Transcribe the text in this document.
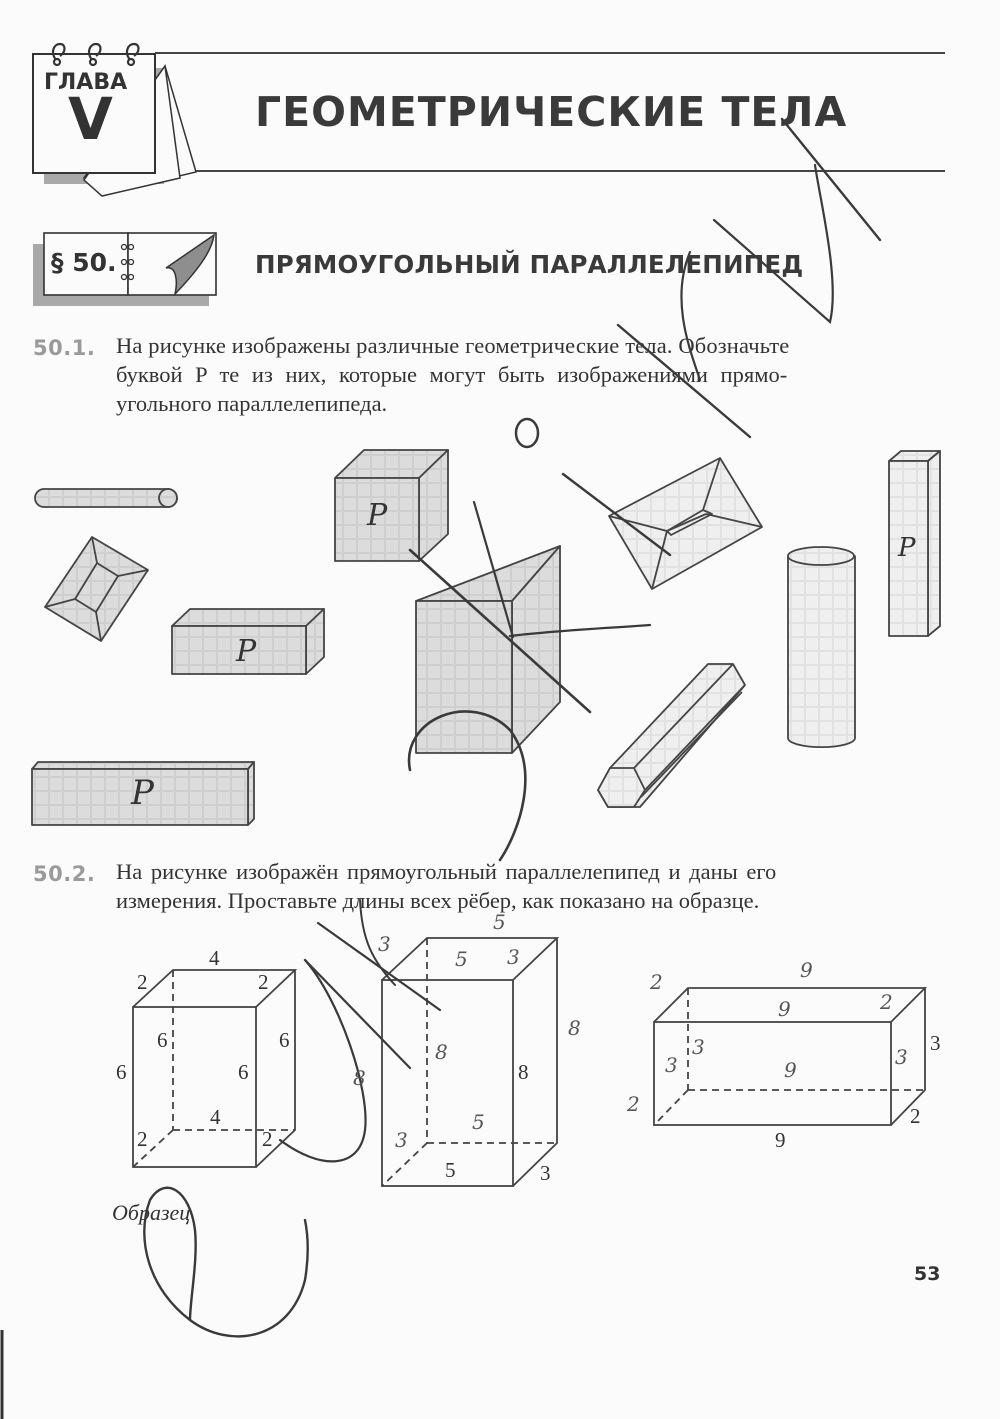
ГЛАВА
V	ГЕОМЕТРИЧЕСКИЕ ТЕЛА
§ 50.	ПРЯМОУГОЛЬНЫЙ ПАРАЛЛЕЛЕПИПЕД
50.1. На рисунке изображены различные геометрические тела. Обозначьте
буквой P те из них, которые могут быть изображениями прямо-
угольного параллелепипеда.
P
P
P
P
50.2. На рисунке изображён прямоугольный параллелепипед и даны его
измерения. Проставьте длины всех рёбер, как показано на образце.
4
2	2
6	6
6	6
4
2	2
Образец
5
3
5 3
8
8
8	8
5
3
5	3
2	9
9	2
3
3
3	9
3
2	2
9
53
